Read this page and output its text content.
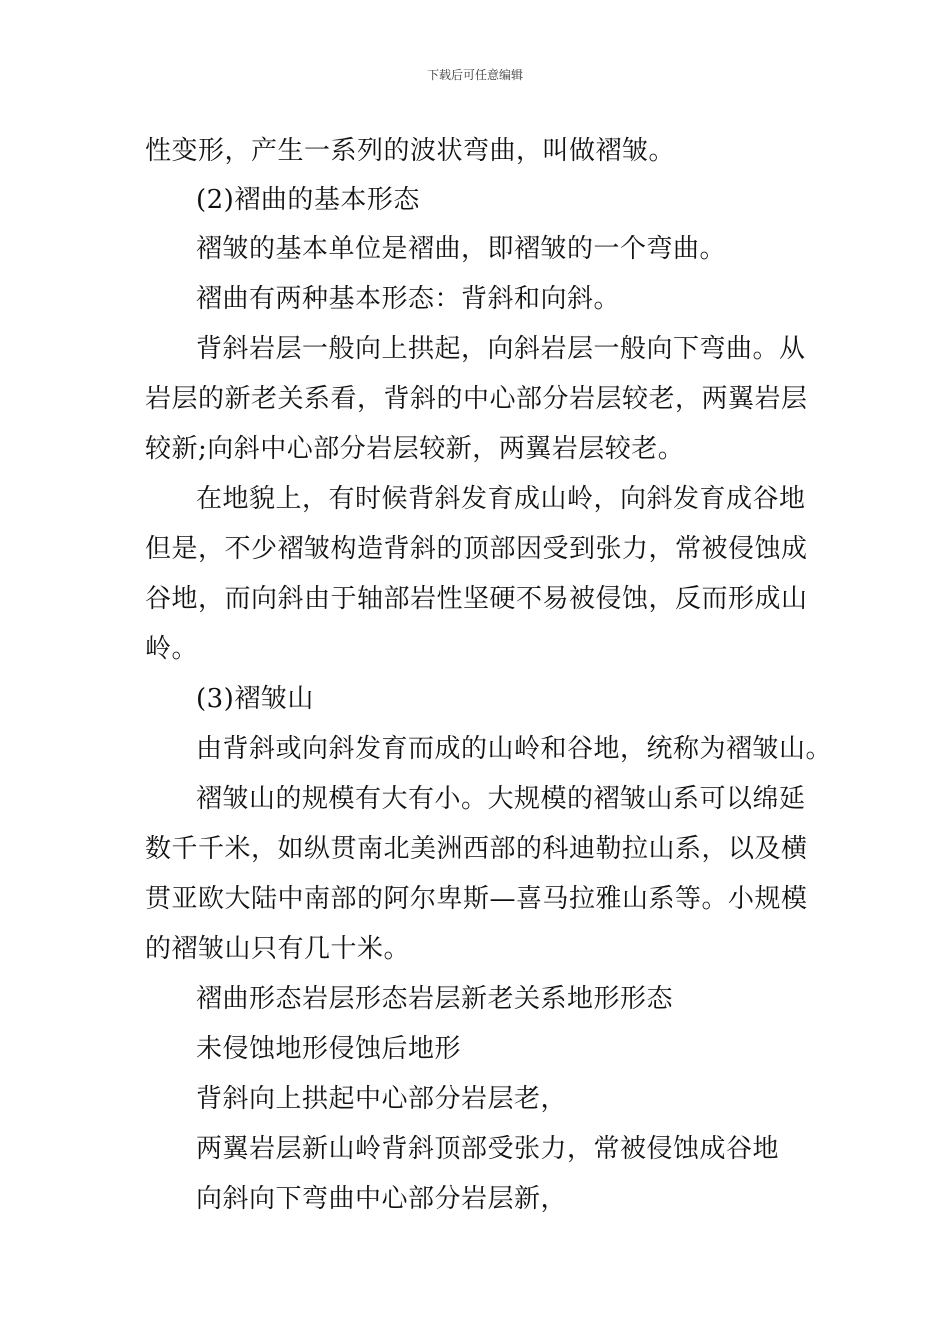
下载后可任意编辑
性变形，产生一系列的波状弯曲，叫做褶皱。
(2)褶曲的基本形态
褶皱的基本单位是褶曲，即褶皱的一个弯曲。
褶曲有两种基本形态：背斜和向斜。
背斜岩层一般向上拱起，向斜岩层一般向下弯曲。从
岩层的新老关系看，背斜的中心部分岩层较老，两翼岩层
较新;向斜中心部分岩层较新，两翼岩层较老。
在地貌上，有时候背斜发育成山岭，向斜发育成谷地
但是，不少褶皱构造背斜的顶部因受到张力，常被侵蚀成
谷地，而向斜由于轴部岩性坚硬不易被侵蚀，反而形成山
岭。
(3)褶皱山
由背斜或向斜发育而成的山岭和谷地，统称为褶皱山。
褶皱山的规模有大有小。大规模的褶皱山系可以绵延
数千千米，如纵贯南北美洲西部的科迪勒拉山系，以及横
贯亚欧大陆中南部的阿尔卑斯—喜马拉雅山系等。小规模
的褶皱山只有几十米。
褶曲形态岩层形态岩层新老关系地形形态
未侵蚀地形侵蚀后地形
背斜向上拱起中心部分岩层老，
两翼岩层新山岭背斜顶部受张力，常被侵蚀成谷地
向斜向下弯曲中心部分岩层新，
